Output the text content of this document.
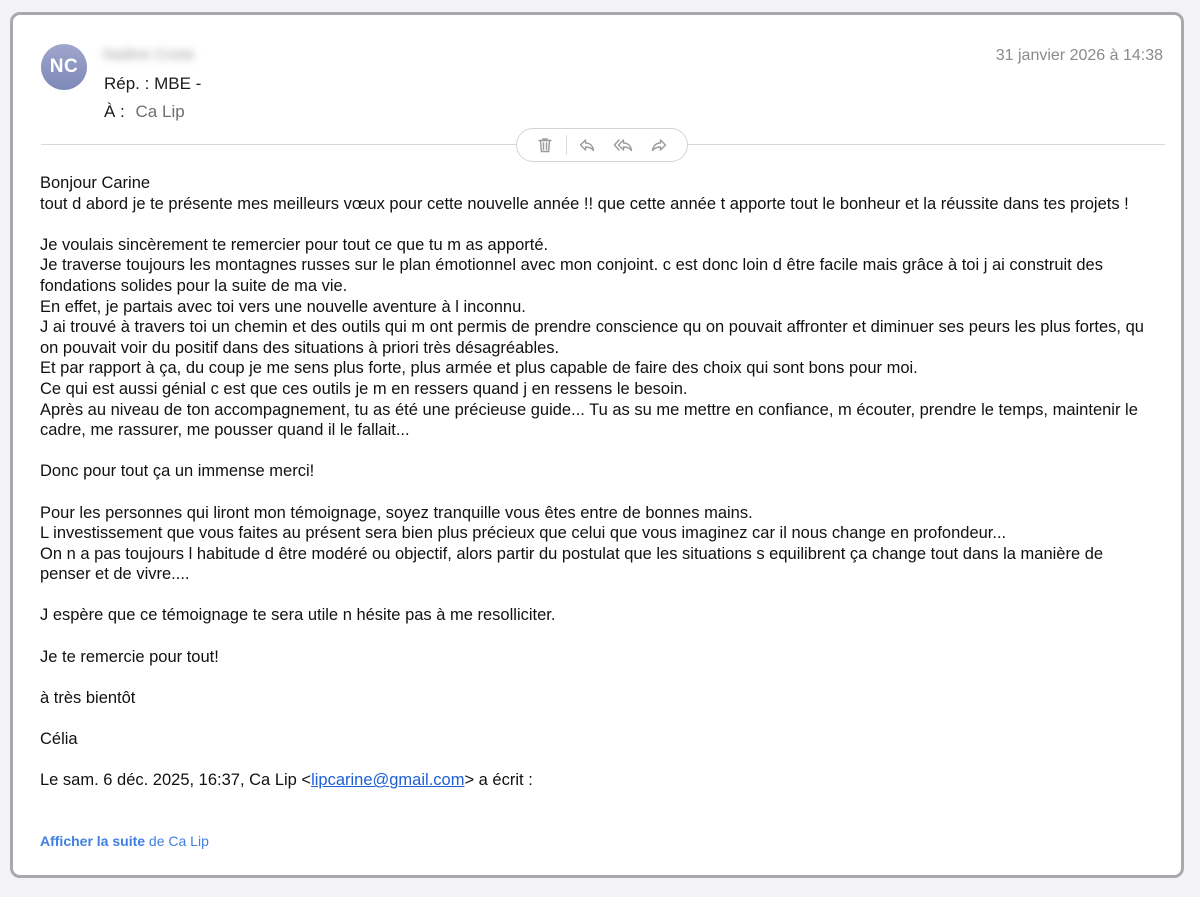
NC
Nadine Costa	31 janvier 2026 à 14:38
Rép. : MBE -
À : Ca Lip

Bonjour Carine

tout d abord je te présente mes meilleurs vœux pour cette nouvelle année !! que cette année t apporte tout le bonheur et la réussite dans tes projets !

Je voulais sincèrement te remercier pour tout ce que tu m as apporté.

Je traverse toujours les montagnes russes sur le plan émotionnel avec mon conjoint. c est donc loin d être facile mais grâce à toi j ai construit des fondations solides pour la suite de ma vie.

En effet, je partais avec toi vers une nouvelle aventure à l inconnu.

J ai trouvé à travers toi un chemin et des outils qui m ont permis de prendre conscience qu on pouvait affronter et diminuer ses peurs les plus fortes, qu on pouvait voir du positif dans des situations à priori très désagréables.

Et par rapport à ça, du coup je me sens plus forte, plus armée et plus capable de faire des choix qui sont bons pour moi.

Ce qui est aussi génial c est que ces outils je m en ressers quand j en ressens le besoin.

Après au niveau de ton accompagnement, tu as été une précieuse guide... Tu as su me mettre en confiance, m écouter, prendre le temps, maintenir le cadre, me rassurer, me pousser quand il le fallait...

Donc pour tout ça un immense merci!

Pour les personnes qui liront mon témoignage, soyez tranquille vous êtes entre de bonnes mains.

L investissement que vous faites au présent sera bien plus précieux que celui que vous imaginez car il nous change en profondeur...

On n a pas toujours l habitude d être modéré ou objectif, alors partir du postulat que les situations s equilibrent ça change tout dans la manière de penser et de vivre....

J espère que ce témoignage te sera utile n hésite pas à me resolliciter.

Je te remercie pour tout!

à très bientôt

Célia

Le sam. 6 déc. 2025, 16:37, Ca Lip <lipcarine@gmail.com> a écrit :

Afficher la suite de Ca Lip
